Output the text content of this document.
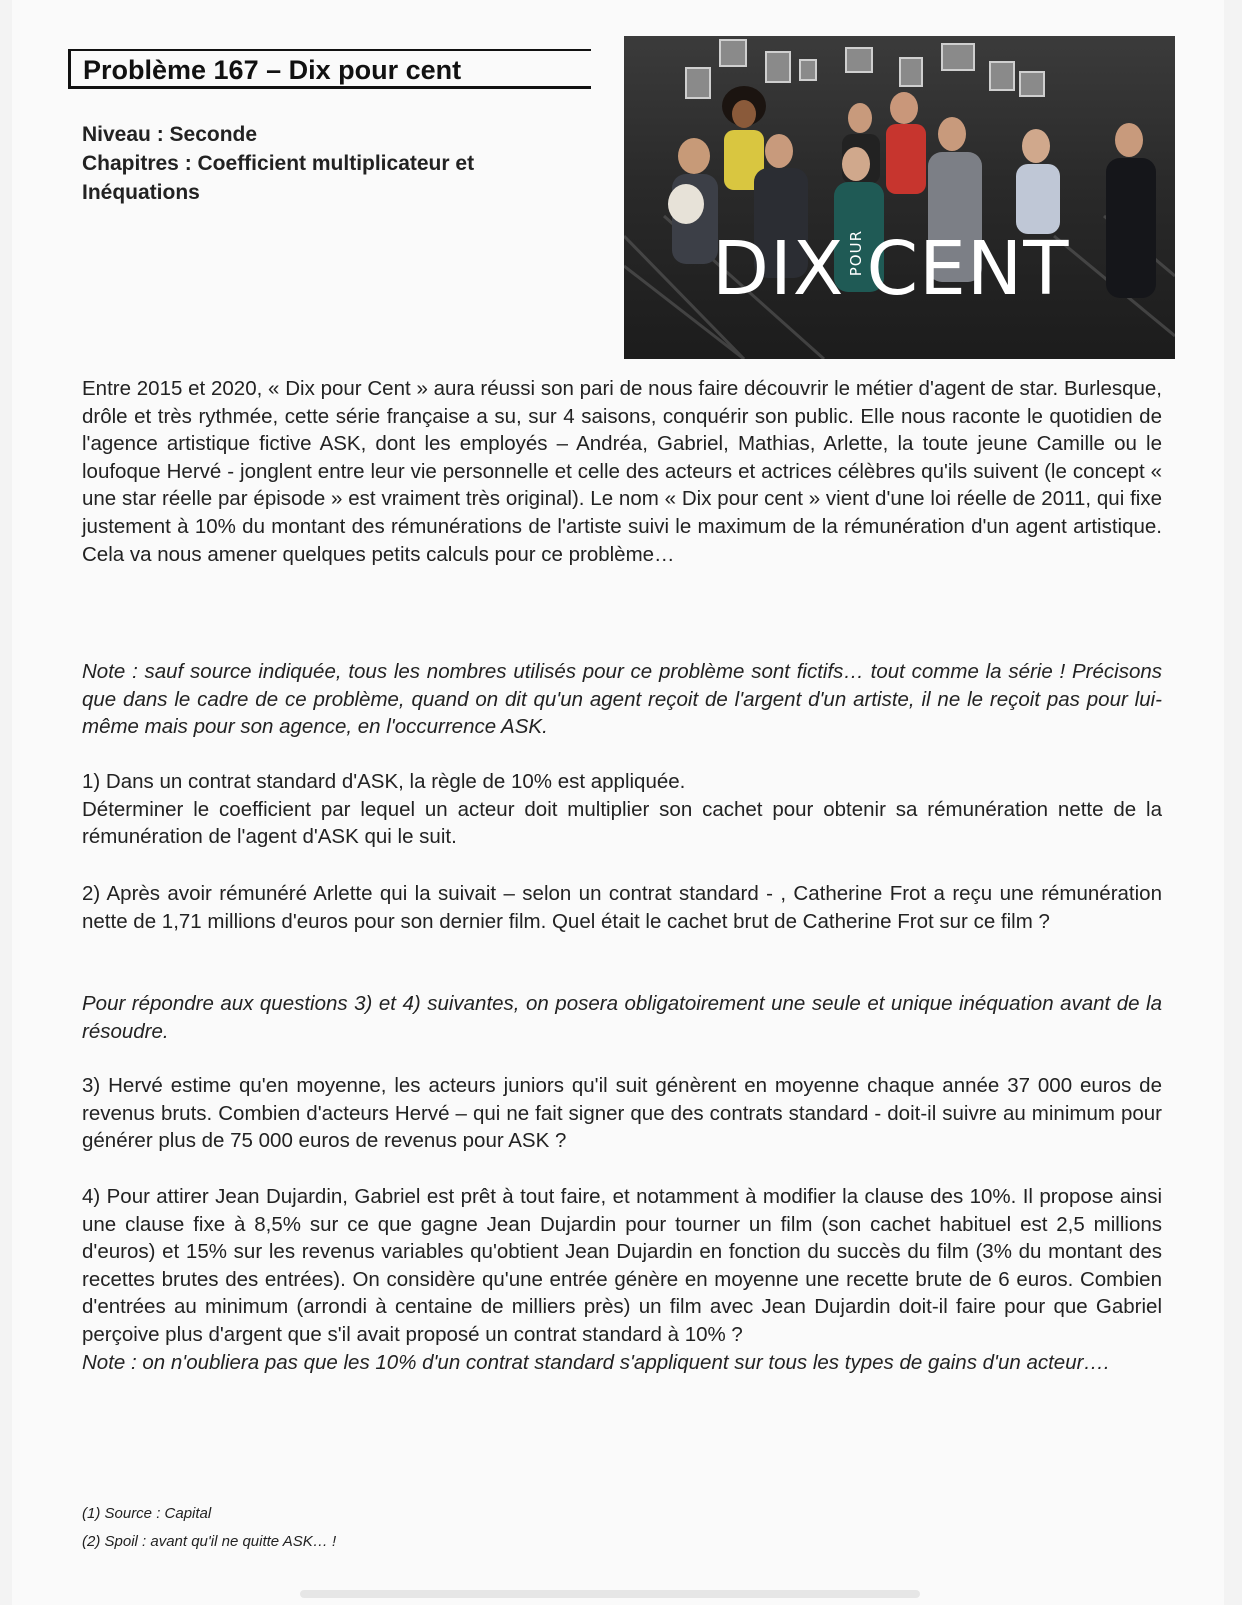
Problème 167 – Dix pour cent
Niveau : Seconde
Chapitres : Coefficient multiplicateur et Inéquations
DIX POURCENT

Entre 2015 et 2020, « Dix pour Cent » aura réussi son pari de nous faire découvrir le métier d'agent de star. Burlesque, drôle et très rythmée, cette série française a su, sur 4 saisons, conquérir son public. Elle nous raconte le quotidien de l'agence artistique fictive ASK, dont les employés – Andréa, Gabriel, Mathias, Arlette, la toute jeune Camille ou le loufoque Hervé - jonglent entre leur vie personnelle et celle des acteurs et actrices célèbres qu'ils suivent (le concept « une star réelle par épisode » est vraiment très original). Le nom « Dix pour cent » vient d'une loi réelle de 2011, qui fixe justement à 10% du montant des rémunérations de l'artiste suivi le maximum de la rémunération d'un agent artistique. Cela va nous amener quelques petits calculs pour ce problème…

Note : sauf source indiquée, tous les nombres utilisés pour ce problème sont fictifs… tout comme la série ! Précisons que dans le cadre de ce problème, quand on dit qu'un agent reçoit de l'argent d'un artiste, il ne le reçoit pas pour lui-même mais pour son agence, en l'occurrence ASK.

1) Dans un contrat standard d'ASK, la règle de 10% est appliquée.

Déterminer le coefficient par lequel un acteur doit multiplier son cachet pour obtenir sa rémunération nette de la rémunération de l'agent d'ASK qui le suit.

2) Après avoir rémunéré Arlette qui la suivait – selon un contrat standard - , Catherine Frot a reçu une rémunération nette de 1,71 millions d'euros pour son dernier film. Quel était le cachet brut de Catherine Frot sur ce film ?

Pour répondre aux questions 3) et 4) suivantes, on posera obligatoirement une seule et unique inéquation avant de la résoudre.

3) Hervé estime qu'en moyenne, les acteurs juniors qu'il suit génèrent en moyenne chaque année 37 000 euros de revenus bruts. Combien d'acteurs Hervé – qui ne fait signer que des contrats standard - doit-il suivre au minimum pour générer plus de 75 000 euros de revenus pour ASK ?

4) Pour attirer Jean Dujardin, Gabriel est prêt à tout faire, et notamment à modifier la clause des 10%. Il propose ainsi une clause fixe à 8,5% sur ce que gagne Jean Dujardin pour tourner un film (son cachet habituel est 2,5 millions d'euros) et 15% sur les revenus variables qu'obtient Jean Dujardin en fonction du succès du film (3% du montant des recettes brutes des entrées). On considère qu'une entrée génère en moyenne une recette brute de 6 euros. Combien d'entrées au minimum (arrondi à centaine de milliers près) un film avec Jean Dujardin doit-il faire pour que Gabriel perçoive plus d'argent que s'il avait proposé un contrat standard à 10% ?

Note : on n'oubliera pas que les 10% d'un contrat standard s'appliquent sur tous les types de gains d'un acteur….

(1) Source : Capital

(2) Spoil : avant qu'il ne quitte ASK… !
